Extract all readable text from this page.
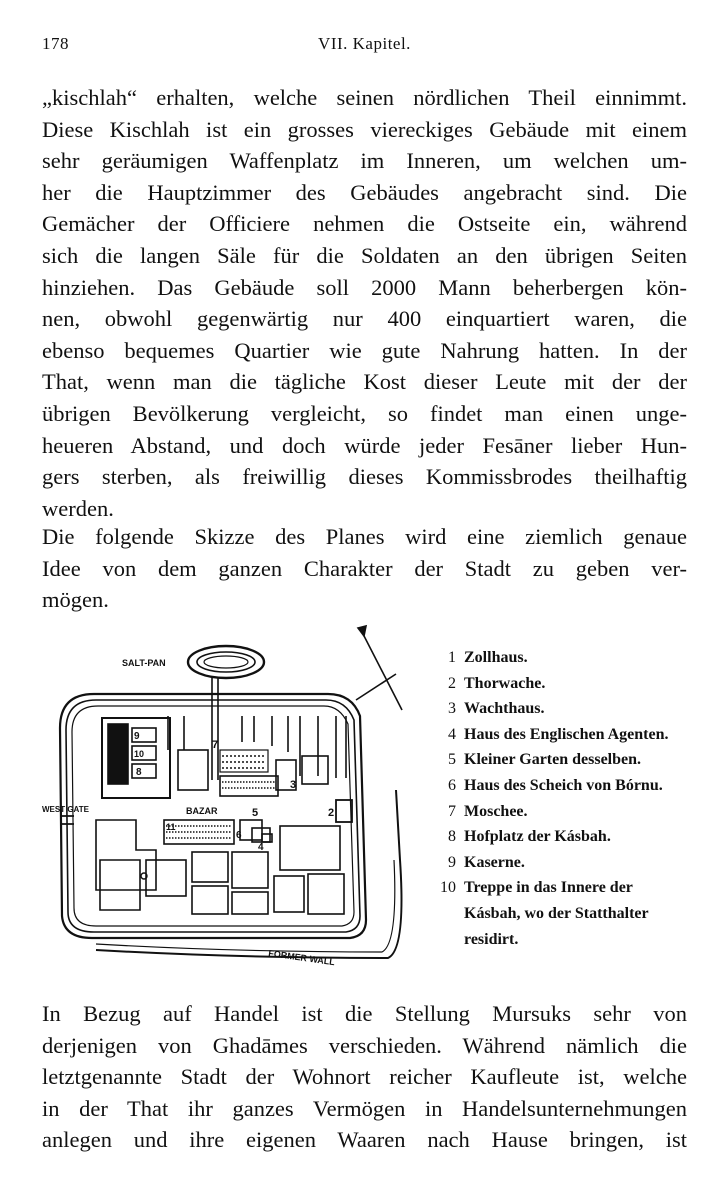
178	VII. Kapitel.

„kischlah“ erhalten, welche seinen nördlichen Theil einnimmt.
Diese Kischlah ist ein grosses viereckiges Gebäude mit einem
sehr geräumigen Waffenplatz im Inneren, um welchen um-
her die Hauptzimmer des Gebäudes angebracht sind. Die
Gemächer der Officiere nehmen die Ostseite ein, während
sich die langen Säle für die Soldaten an den übrigen Seiten
hinziehen. Das Gebäude soll 2000 Mann beherbergen kön-
nen, obwohl gegenwärtig nur 400 einquartiert waren, die
ebenso bequemes Quartier wie gute Nahrung hatten. In der
That, wenn man die tägliche Kost dieser Leute mit der der
übrigen Bevölkerung vergleicht, so findet man einen unge-
heueren Abstand, und doch würde jeder Fesāner lieber Hun-
gers sterben, als freiwillig dieses Kommissbrodes theilhaftig
werden.

Die folgende Skizze des Planes wird eine ziemlich genaue
Idee von dem ganzen Charakter der Stadt zu geben ver-
mögen.

SALT-PAN
WEST GATE	BAZAR
FORMER WALL
9
10
8
7
3
2
11
5
6
4
1 Zollhaus.
2 Thorwache.
3 Wachthaus.
4 Haus des Englischen Agenten.
5 Kleiner Garten desselben.
6 Haus des Scheich von Bórnu.
7 Moschee.
8 Hofplatz der Kásbah.
9 Kaserne.
10 Treppe in das Innere der
Kásbah, wo der Statthalter
residirt.

In Bezug auf Handel ist die Stellung Mursuks sehr von
derjenigen von Ghadāmes verschieden. Während nämlich die
letztgenannte Stadt der Wohnort reicher Kaufleute ist, welche
in der That ihr ganzes Vermögen in Handelsunternehmungen
anlegen und ihre eigenen Waaren nach Hause bringen, ist
